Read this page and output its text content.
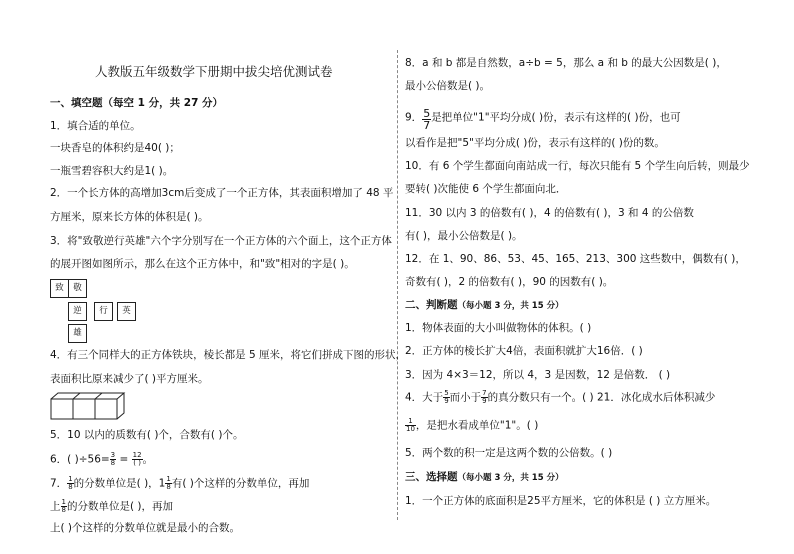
人教版五年级数学下册期中拔尖培优测试卷
一、填空题（每空 1 分，共 27 分）
1．填合适的单位。
一块香皂的体积约是40( )；
一瓶雪碧容积大约是1( )。
2．一个长方体的高增加3cm后变成了一个正方体，其表面积增加了 48 平
方厘米，原来长方体的体积是( )。
3．将"致敬逆行英雄"六个字分别写在一个正方体的六个面上，这个正方体
的展开图如图所示，那么在这个正方体中，和"致"相对的字是( )。
致	敬
逆	行	英
雄
4．有三个同样大的正方体铁块，棱长都是 5 厘米，将它们拼成下图的形状，
表面积比原来减少了( )平方厘米。
5．10 以内的质数有( )个，合数有( )个。
6．( )$\div 56= \frac{3}{8} = \frac{12}{( )}$ 。
7． $\frac{1}{8}$ 的分数单位是( )，$1 \frac{1}{8}$ 有( )个这样的分数单位，再加
上 $\frac{1}{8}$ 的分数单位是( )，再加
上( )个这样的分数单位就是最小的合数。
8．a 和 b 都是自然数，a÷b = 5，那么 a 和 b 的最大公因数是( )，
最小公倍数是( )。
9． $\frac{5}{7}$ 是把单位"1"平均分成( )份，表示有这样的( )份，也可
以看作是把"5"平均分成( )份，表示有这样的( )份的数。
10．有 6 个学生都面向南站成一行，每次只能有 5 个学生向后转，则最少
要转( )次能使 6 个学生都面向北．
11．30 以内 3 的倍数有( )，4 的倍数有( )，3 和 4 的公倍数
有( )，最小公倍数是( )。
12．在 1、90、86、53、45、165、213、300 这些数中，偶数有( )，
奇数有( )，2 的倍数有( )，90 的因数有( )。
二、判断题（每小题 3 分，共 15 分）
1．物体表面的大小叫做物体的体积。( )
2．正方体的棱长扩大4倍，表面积就扩大16倍．( )
3．因为 4×3＝12，所以 4，3 是因数，12 是倍数． ( )
4．大于 $\frac{5}{9}$ 而小于 $\frac{7}{9}$ 的真分数只有一个。( ) 21．冰化成水后体积减少
$\frac{1}{10}$ ，是把水看成单位"1"。( )
5．两个数的积一定是这两个数的公倍数。( )
三、选择题（每小题 3 分，共 15 分）
1．一个正方体的底面积是25平方厘米，它的体积是 ( ) 立方厘米。
